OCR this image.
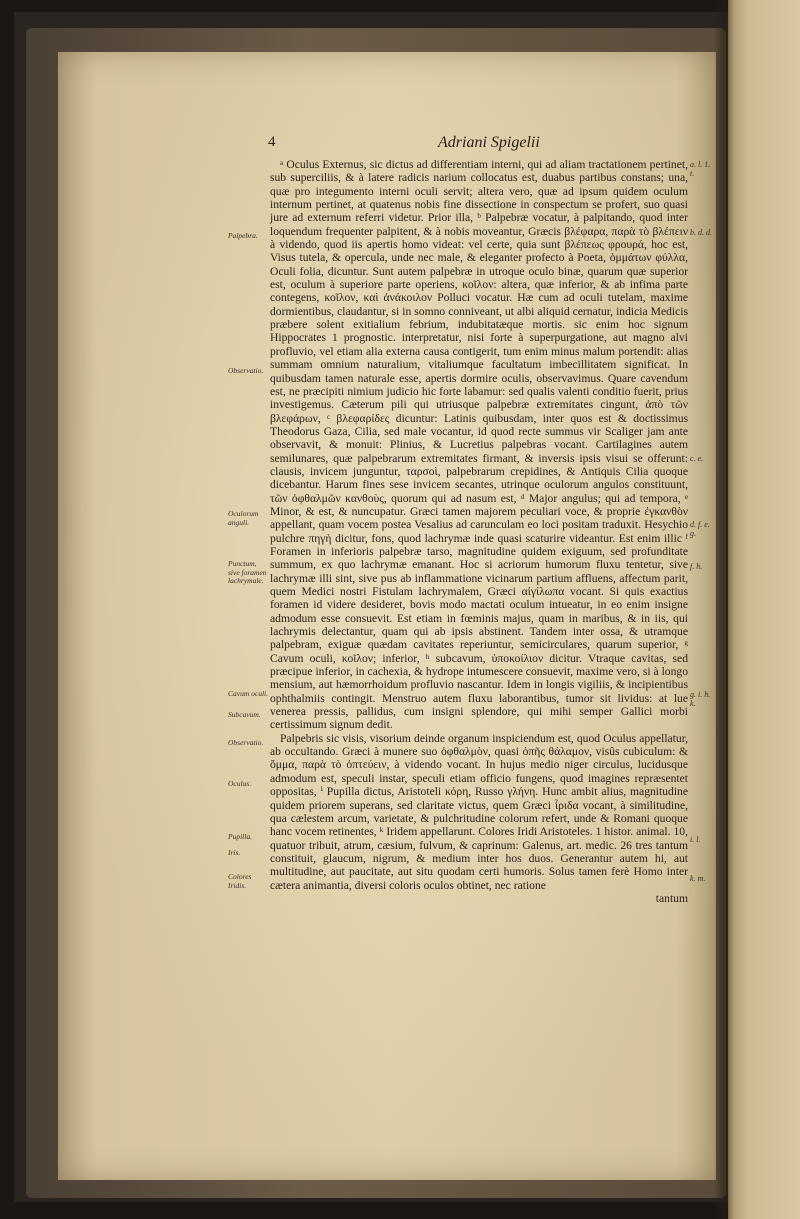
4	Adriani Spigelii

ᵃ Oculus Externus, sic dictus ad differentiam interni, qui ad aliam tractationem pertinet, sub superciliis, & à latere radicis narium collocatus est, duabus partibus constans; una, quæ pro integumento interni oculi servit; altera vero, quæ ad ipsum quidem oculum internum pertinet, at quatenus nobis fine dissectione in conspectum se profert, suo quasi jure ad externum referri videtur. Prior illa, ᵇ Palpebræ vocatur, à palpitando, quod inter loquendum frequenter palpitent, & à nobis moveantur, Græcis βλέφαρα, παρὰ τὸ βλέπειν à videndo, quod iis apertis homo videat: vel certe, quia sunt βλέπεως φρουρά, hoc est, Visus tutela, & opercula, unde nec male, & eleganter profecto à Poeta, ὀμμάτων φύλλα, Oculi folia, dicuntur. Sunt autem palpebræ in utroque oculo binæ, quarum quæ superior est, oculum à superiore parte operiens, κοῖλον: altera, quæ inferior, & ab infima parte contegens, κοῖλον, καὶ ἀνάκοιλον Polluci vocatur. Hæ cum ad oculi tutelam, maxime dormientibus, claudantur, si in somno conniveant, ut albi aliquid cernatur, indicia Medicis præbere solent exitialium febrium, indubitatæque mortis. sic enim hoc signum Hippocrates 1 prognostic. interpretatur, nisi forte à superpurgatione, aut magno alvi profluvio, vel etiam alia externa causa contigerit, tum enim minus malum portendit: alias summam omnium naturalium, vitaliumque facultatum imbecillitatem significat. In quibusdam tamen naturale esse, apertis dormire oculis, observavimus. Quare cavendum est, ne præcipiti nimium judicio hic forte labamur: sed qualis valenti conditio fuerit, prius investigemus. Cæterum pili qui utriusque palpebræ extremitates cingunt, ἀπὸ τῶν βλεφάρων, ᶜ βλεφαρίδες dicuntur: Latinis quibusdam, inter quos est & doctissimus Theodorus Gaza, Cilia, sed male vocantur, id quod recte summus vir Scaliger jam ante observavit, & monuit: Plinius, & Lucretius palpebras vocant. Cartilagines autem semilunares, quæ palpebrarum extremitates firmant, & inversis ipsis visui se offerunt: clausis, invicem junguntur, ταρσοὶ, palpebrarum crepidines, & Antiquis Cilia quoque dicebantur. Harum fines sese invicem secantes, utrinque oculorum angulos constituunt, τῶν ὀφθαλμῶν κανθοὺς, quorum qui ad nasum est, ᵈ Major angulus; qui ad tempora, ᵉ Minor, & est, & nuncupatur. Græci tamen majorem peculiari voce, & proprie ἐγκανθὸν appellant, quam vocem postea Vesalius ad carunculam eo loci positam traduxit. Hesychio pulchre πηγὴ dicitur, fons, quod lachrymæ inde quasi scaturire videantur. Est enim illic ᶠ Foramen in inferioris palpebræ tarso, magnitudine quidem exiguum, sed profunditate summum, ex quo lachrymæ emanant. Hoc si acriorum humorum fluxu tentetur, sive lachrymæ illi sint, sive pus ab inflammatione vicinarum partium affluens, affectum parit, quem Medici nostri Fistulam lachrymalem, Græci αἰγίλωπα vocant. Si quis exactius foramen id videre desideret, bovis modo mactati oculum intueatur, in eo enim insigne admodum esse consuevit. Est etiam in fœminis majus, quam in maribus, & in iis, qui lachrymis delectantur, quam qui ab ipsis abstinent. Tandem inter ossa, & utramque palpebram, exiguæ quædam cavitates reperiuntur, semicirculares, quarum superior, ᵍ Cavum oculi, κοῖλον; inferior, ʰ subcavum, ὑποκοίλιον dicitur. Vtraque cavitas, sed præcipue inferior, in cachexia, & hydrope intumescere consuevit, maxime vero, si à longo mensium, aut hæmorrhoidum profluvio nascantur. Idem in longis vigiliis, & incipientibus ophthalmiis contingit. Menstruo autem fluxu laborantibus, tumor sit lividus: at lue venerea pressis, pallidus, cum insigni splendore, qui mihi semper Gallici morbi certissimum signum dedit.

Palpebris sic visis, visorium deinde organum inspiciendum est, quod Oculus appellatur, ab occultando. Græci à munere suo ὀφθαλμὸν, quasi ὀπῆς θάλαμον, visûs cubiculum: & ὄμμα, παρὰ τὸ ὀπτεύειν, à videndo vocant. In hujus medio niger circulus, lucidusque admodum est, speculi instar, speculi etiam officio fungens, quod imagines repræsentet oppositas, ⁱ Pupilla dictus, Aristoteli κόρη, Russo γλήνη. Hunc ambit alius, magnitudine quidem priorem superans, sed claritate victus, quem Græci ἶριδα vocant, à similitudine, qua cælestem arcum, varietate, & pulchritudine colorum refert, unde & Romani quoque hanc vocem retinentes, ᵏ Iridem appellarunt. Colores Iridi Aristoteles. 1 histor. animal. 10, quatuor tribuit, atrum, cæsium, fulvum, & caprinum: Galenus, art. medic. 26 tres tantum constituit, glaucum, nigrum, & medium inter hos duos. Generantur autem hi, aut multitudine, aut paucitate, aut situ quodam certi humoris. Solus tamen ferè Homo inter cætera animantia, diversi coloris oculos obtinet, nec ratione

tantum
Palpebra.
Observatio.
Oculorum anguli.
Punctum, sive foramen lachrymale.
Cavum oculi.
Subcavum.
Observatio.
Oculus.
Pupilla.
Iris.
Colores Iridis.
a. l. 1. t.
b. d. d.
c. e.
d. f. e. g.
f. h.
g. i. h. k.
i. l.
k. m.
